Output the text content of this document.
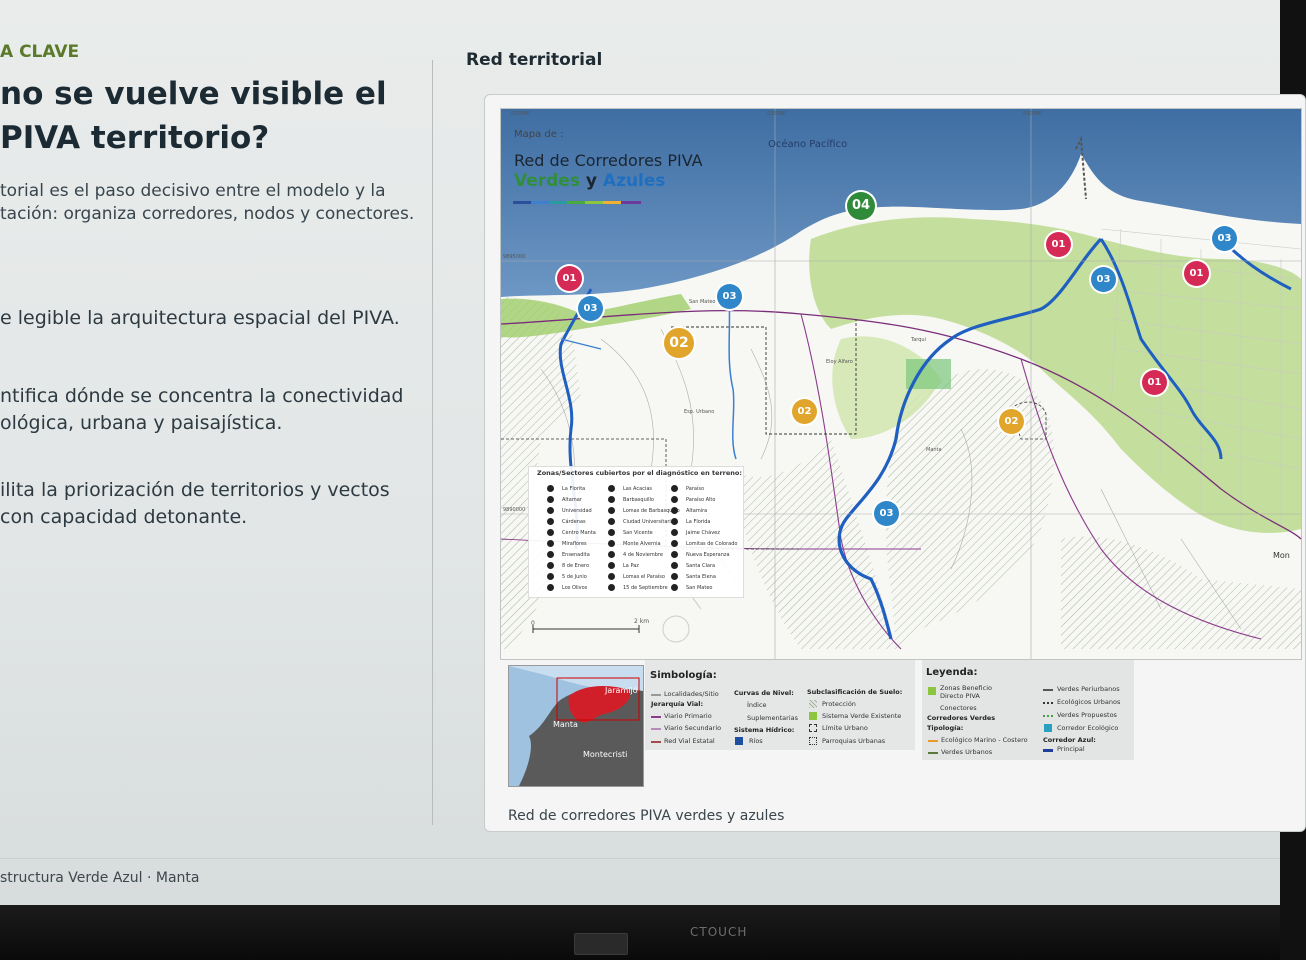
A CLAVE
no se vuelve visible el PIVA territorio?
torial es el paso decisivo entre el modelo y la tación: organiza corredores, nodos y conectores.
e legible la arquitectura espacial del PIVA.
ntifica dónde se concentra la conectividad ológica, urbana y paisajística.
ilita la priorización de territorios y vectos con capacidad detonante.
Red territorial
Mapa de :
Red de Corredores PIVA
Verdes y Azules
Océano Pacífico
520000	525000	530000
9895000
9890000
0	2 km
San Mateo
Eloy Alfaro
Tarqui
Manta
Esp. Urbano
Mon
01
01
01
01
02
02
02
03
03
03
03
03
04
Zonas/Sectores cubiertos por el diagnóstico en terreno:
La Florita
Altamar
Universidad
Cárdenas
Centro Manta
Miraflores
Ensenadita
8 de Enero
5 de Junio
Los Olivos
Las Acacias
Barbasquillo
Lomas de Barbasquillo
Ciudad Universitaria
San Vicente
Monte Alvernia
4 de Noviembre
La Paz
Lomas el Paraíso
15 de Septiembre
Paraíso
Paraíso Alto
Altamira
La Florida
Jaime Chávez
Lomitas de Colorado
Nueva Esperanza
Santa Clara
Santa Elena
San Mateo
Jaramijó
Manta
Montecristi
Simbología:
Localidades/Sitio
Jerarquía Vial:
Viario Primario
Viario Secundario
Red Vial Estatal
Curvas de Nivel:
Índice
Suplementarias
Sistema Hídrico:
Ríos
Subclasificación de Suelo:
Protección
Sistema Verde Existente
Límite Urbano
Parroquias Urbanas
Leyenda:
Zonas Beneficio Directo PIVA
Conectores
Corredores Verdes
Tipología:
Ecológico Marino - Costero
Verdes Urbanos
Verdes Periurbanos
Ecológicos Urbanos
Verdes Propuestos
Corredor Ecológico
Corredor Azul:
Principal
Red de corredores PIVA verdes y azules
structura Verde Azul · Manta
CTOUCH
